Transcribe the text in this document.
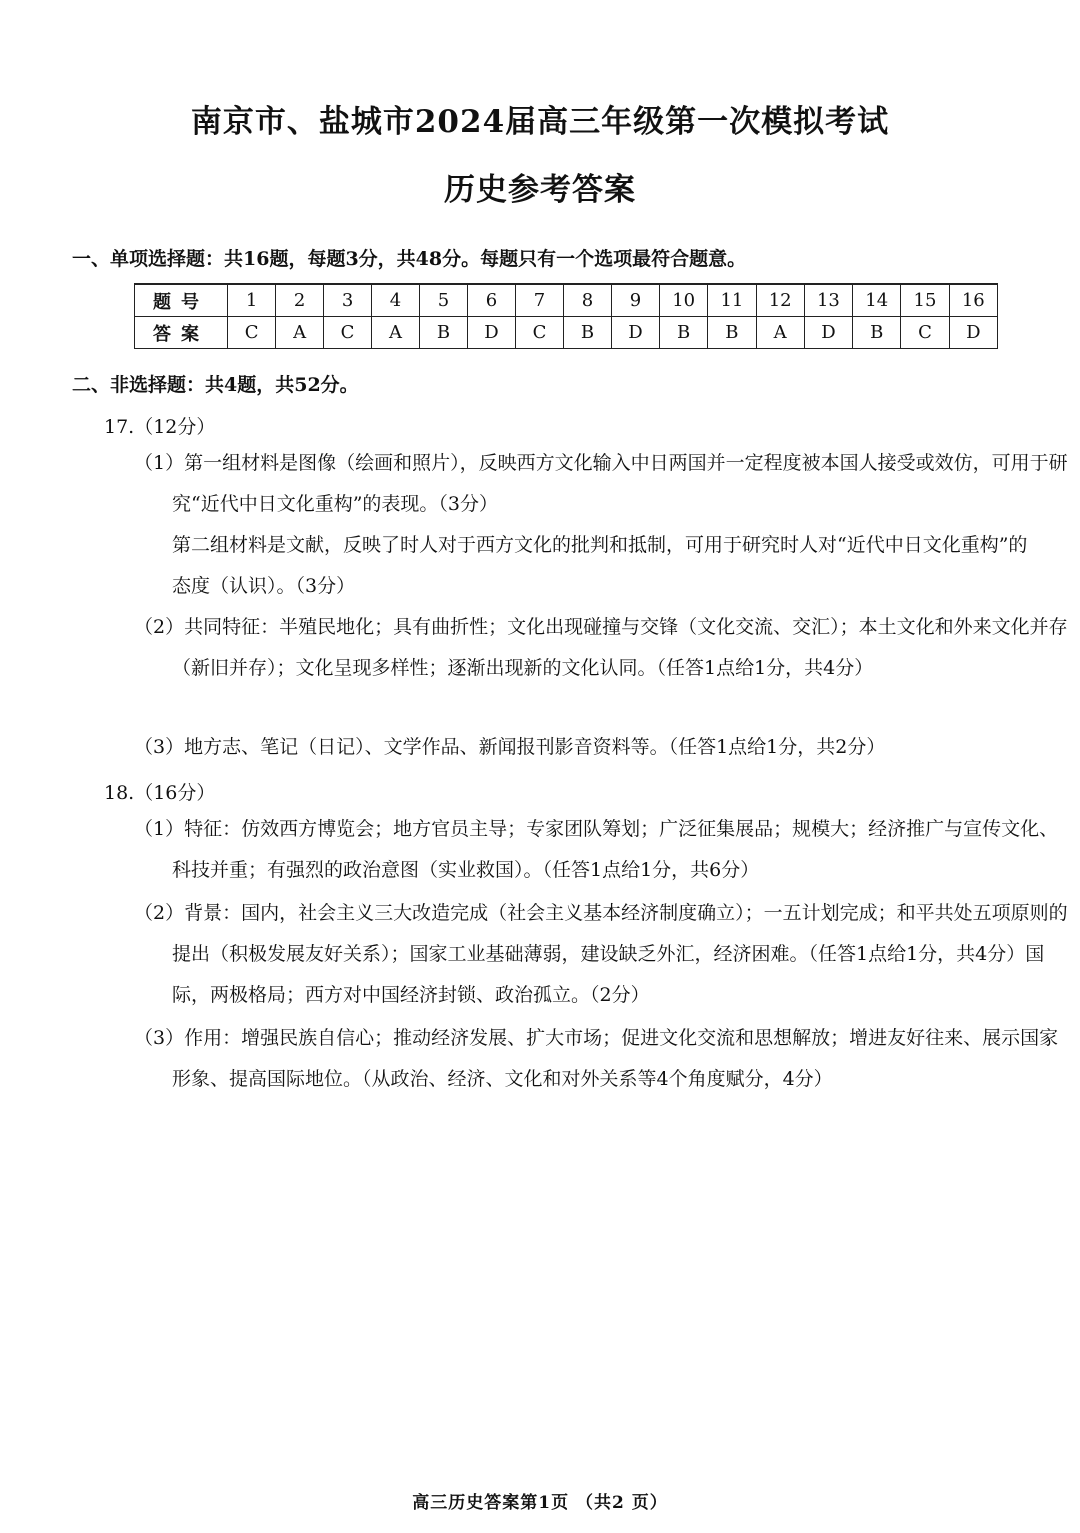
南京市、盐城市2024届高三年级第一次模拟考试
历史参考答案
一、单项选择题：共16题，每题3分，共48分。每题只有一个选项最符合题意。
题号	1	2	3	4	5	6	7	8	9	10	11	12	13	14	15	16
答案	C	A	C	A	B	D	C	B	D	B	B	A	D	B	C	D
二、非选择题：共4题，共52分。
17.（12分）
（1）第一组材料是图像（绘画和照片），反映西方文化输入中日两国并一定程度被本国人接受或效仿，可用于研究“近代中日文化重构”的表现。（3分）
第二组材料是文献，反映了时人对于西方文化的批判和抵制，可用于研究时人对“近代中日文化重构”的态度（认识）。（3分）
（2）共同特征：半殖民地化；具有曲折性；文化出现碰撞与交锋（文化交流、交汇）；本土文化和外来文化并存（新旧并存）；文化呈现多样性；逐渐出现新的文化认同。（任答1点给1分，共4分）
（3）地方志、笔记（日记）、文学作品、新闻报刊影音资料等。（任答1点给1分，共2分）
18.（16分）
（1）特征：仿效西方博览会；地方官员主导；专家团队筹划；广泛征集展品；规模大；经济推广与宣传文化、科技并重；有强烈的政治意图（实业救国）。（任答1点给1分，共6分）
（2）背景：国内，社会主义三大改造完成（社会主义基本经济制度确立）；一五计划完成；和平共处五项原则的提出（积极发展友好关系）；国家工业基础薄弱，建设缺乏外汇，经济困难。（任答1点给1分，共4分）国际，两极格局；西方对中国经济封锁、政治孤立。（2分）
（3）作用：增强民族自信心；推动经济发展、扩大市场；促进文化交流和思想解放；增进友好往来、展示国家形象、提高国际地位。（从政治、经济、文化和对外关系等4个角度赋分，4分）
高三历史答案第1页 （共2 页）
